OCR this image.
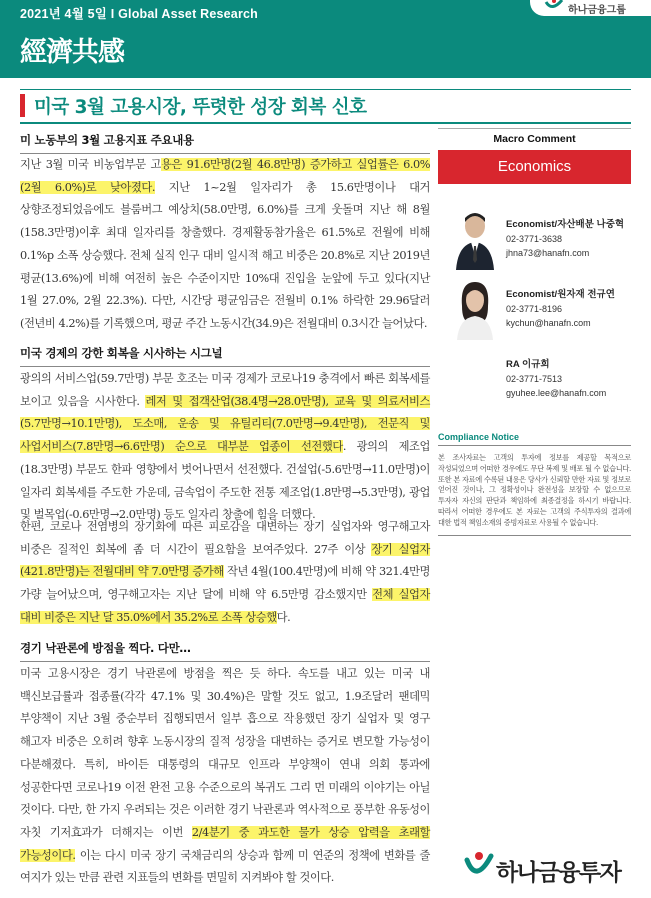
2021년 4월 5일 I Global Asset Research
經濟共感
하나금융그룹
미국 3월 고용시장, 뚜렷한 성장 회복 신호
미 노동부의 3월 고용지표 주요내용
지난 3월 미국 비농업부문 고용은 91.6만명(2월 46.8만명) 증가하고 실업률은 6.0%(2월 6.0%)로 낮아졌다. 지난 1~2월 일자리가 총 15.6만명이나 대거 상향조정되었음에도 블룸버그 예상치(58.0만명, 6.0%)를 크게 웃돌며 지난 해 8월(158.3만명)이후 최대 일자리를 창출했다. 경제활동참가율은 61.5%로 전월에 비해 0.1%p 소폭 상승했다. 전체 실직 인구 대비 일시적 해고 비중은 20.8%로 지난 2019년 평균(13.6%)에 비해 여전히 높은 수준이지만 10%대 진입을 눈앞에 두고 있다(지난 1월 27.0%, 2월 22.3%). 다만, 시간당 평균임금은 전월비 0.1% 하락한 29.96달러(전년비 4.2%)를 기록했으며, 평균 주간 노동시간(34.9)은 전월대비 0.3시간 늘어났다.
미국 경제의 강한 회복을 시사하는 시그널
광의의 서비스업(59.7만명) 부문 호조는 미국 경제가 코로나19 충격에서 빠른 회복세를 보이고 있음을 시사한다. 레저 및 접객산업(38.4명→28.0만명), 교육 및 의료서비스(5.7만명→10.1만명), 도소매, 운송 및 유틸리티(7.0만명→9.4만명), 전문직 및 사업서비스(7.8만명→6.6만명) 순으로 대부분 업종이 선전했다. 광의의 제조업(18.3만명) 부문도 한파 영향에서 벗어나면서 선전했다. 건설업(-5.6만명→11.0만명)이 일자리 회복세를 주도한 가운데, 금속업이 주도한 전통 제조업(1.8만명→5.3만명), 광업 및 벌목업(-0.6만명→2.0만명) 등도 일자리 창출에 힘을 더했다.
한편, 코로나 전염병의 장기화에 따른 피로감을 대변하는 장기 실업자와 영구해고자 비중은 질적인 회복에 좀 더 시간이 필요함을 보여주었다. 27주 이상 장기 실업자(421.8만명)는 전월대비 약 7.0만명 증가해 작년 4월(100.4만명)에 비해 약 321.4만명 가량 늘어났으며, 영구해고자는 지난 달에 비해 약 6.5만명 감소했지만 전체 실업자 대비 비중은 지난 달 35.0%에서 35.2%로 소폭 상승했다.
경기 낙관론에 방점을 찍다. 다만…
미국 고용시장은 경기 낙관론에 방점을 찍은 듯 하다. 속도를 내고 있는 미국 내 백신보급률과 접종률(각각 47.1% 및 30.4%)은 말할 것도 없고, 1.9조달러 팬데믹 부양책이 지난 3월 중순부터 집행되면서 일부 흡으로 작용했던 장기 실업자 및 영구 해고자 비중은 오히려 향후 노동시장의 질적 성장을 대변하는 증거로 변모할 가능성이 다분해졌다. 특히, 바이든 대통령의 대규모 인프라 부양책이 연내 의회 통과에 성공한다면 코로나19 이전 완전 고용 수준으로의 복귀도 그리 먼 미래의 이야기는 아닐 것이다. 다만, 한 가지 우려되는 것은 이러한 경기 낙관론과 역사적으로 풍부한 유동성이 자칫 기저효과가 더해지는 이번 2/4분기 중 과도한 물가 상승 압력을 초래할 가능성이다. 이는 다시 미국 장기 국채금리의 상승과 함께 미 연준의 정책에 변화를 줄 여지가 있는 만큼 관련 지표들의 변화를 면밀히 지켜봐야 할 것이다.
Macro Comment
Economics
Economist/자산배분 나중혁
02-3771-3638
jhna73@hanafn.com
Economist/원자재 전규연
02-3771-8196
kychun@hanafn.com
RA 이규희
02-3771-7513
gyuhee.lee@hanafn.com
Compliance Notice
본 조사자료는 고객의 투자에 정보를 제공할 목적으로 작성되었으며 어떠한 경우에도 무단 복제 및 배포 될 수 없습니다. 또한 본 자료에 수록된 내용은 당사가 신뢰할 만한 자료 및 정보로 얻어진 것이나, 그 정확성이나 완전성을 보장할 수 없으므로 투자자 자신의 판단과 책임하에 최종결정을 하시기 바랍니다. 따라서 어떠한 경우에도 본 자료는 고객의 주식투자의 결과에 대한 법적 책임소재의 증빙자료로 사용될 수 없습니다.
하나금융투자
